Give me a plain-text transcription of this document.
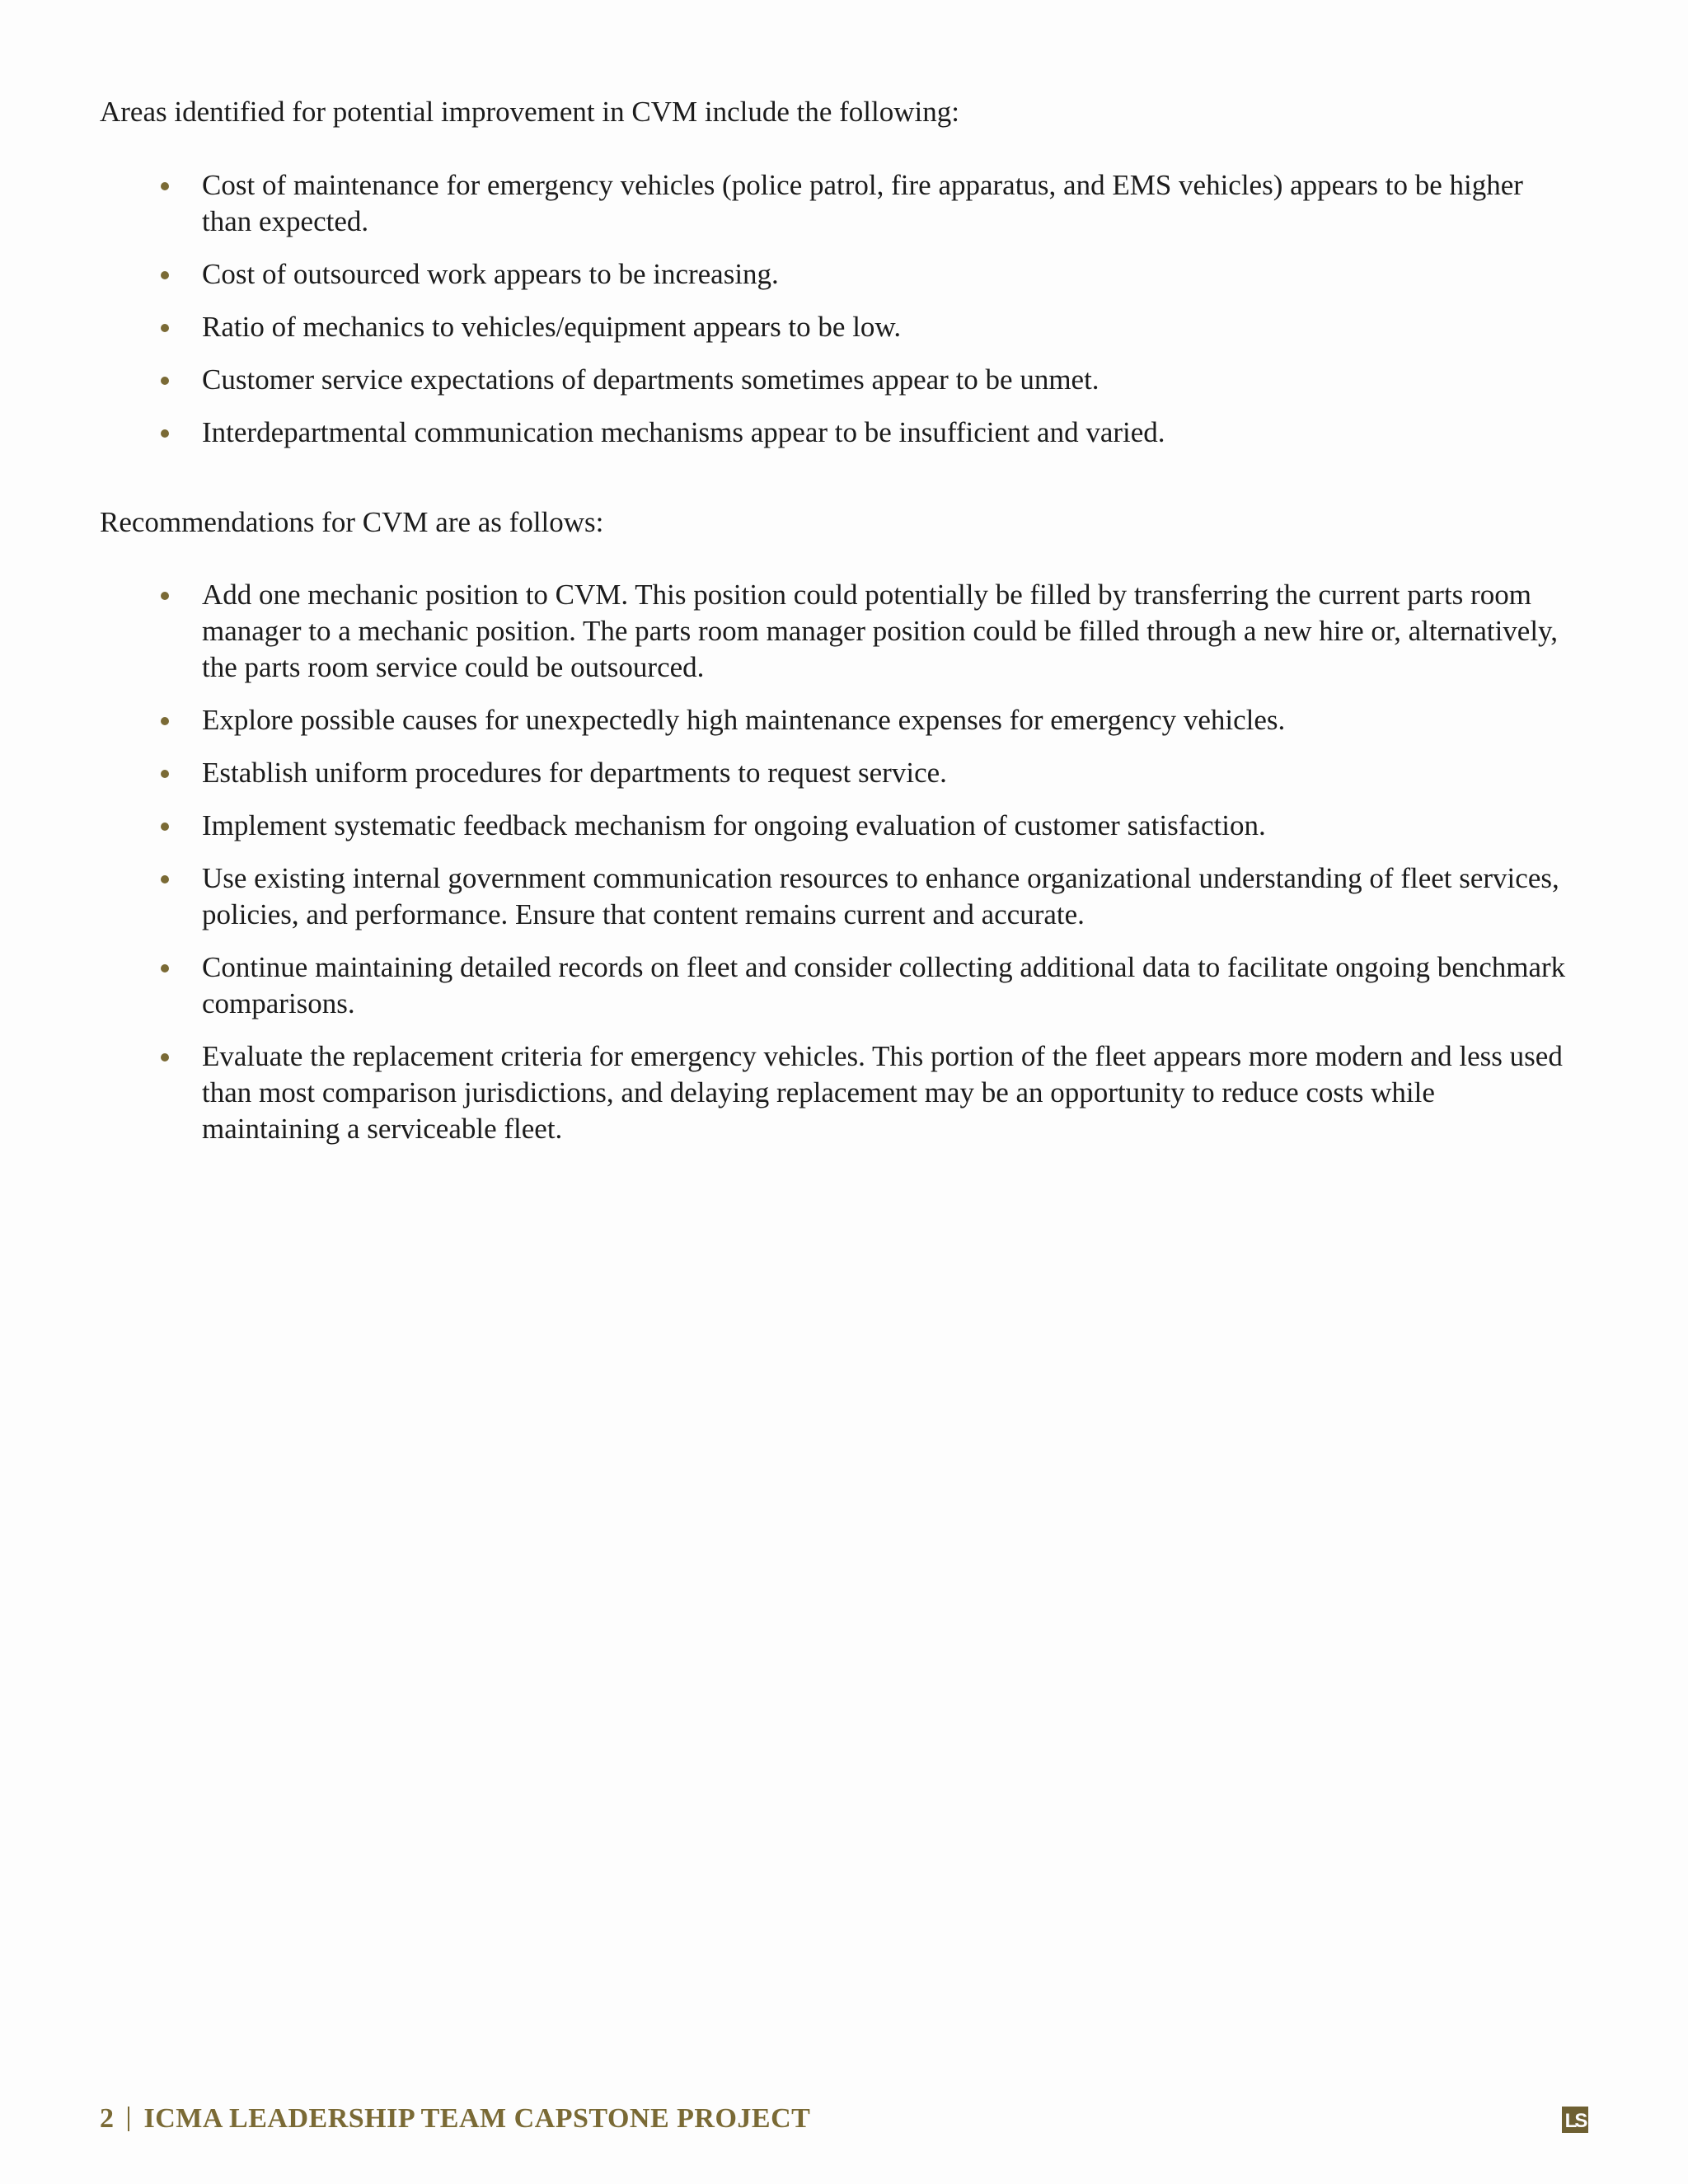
Areas identified for potential improvement in CVM include the following:

Cost of maintenance for emergency vehicles (police patrol, fire apparatus, and EMS vehicles) appears to be higher than expected.
Cost of outsourced work appears to be increasing.
Ratio of mechanics to vehicles/equipment appears to be low.
Customer service expectations of departments sometimes appear to be unmet.
Interdepartmental communication mechanisms appear to be insufficient and varied.

Recommendations for CVM are as follows:

Add one mechanic position to CVM. This position could potentially be filled by transferring the current parts room manager to a mechanic position. The parts room manager position could be filled through a new hire or, alternatively, the parts room service could be outsourced.
Explore possible causes for unexpectedly high maintenance expenses for emergency vehicles.
Establish uniform procedures for departments to request service.
Implement systematic feedback mechanism for ongoing evaluation of customer satisfaction.
Use existing internal government communication resources to enhance organizational understanding of fleet services, policies, and performance. Ensure that content remains current and accurate.
Continue maintaining detailed records on fleet and consider collecting additional data to facilitate ongoing benchmark comparisons.
Evaluate the replacement criteria for emergency vehicles. This portion of the fleet appears more modern and less used than most comparison jurisdictions, and delaying replacement may be an opportunity to reduce costs while maintaining a serviceable fleet.
2 ICMA LEADERSHIP TEAM CAPSTONE PROJECT	LS
